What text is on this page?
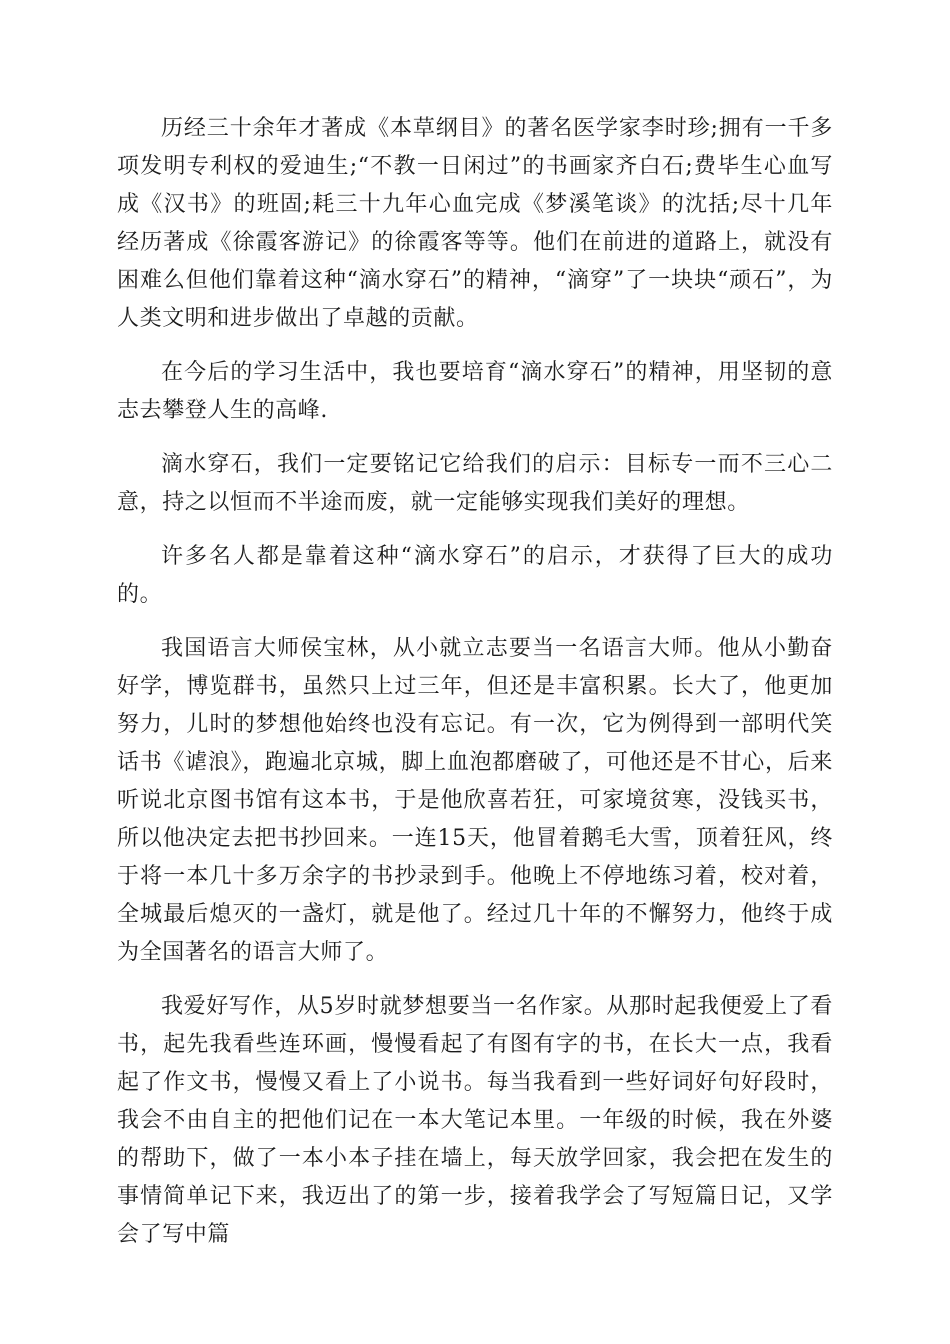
历经三十余年才著成《本草纲目》的著名医学家李时珍;拥有一千多项发明专利权的爱迪生;“不教一日闲过”的书画家齐白石;费毕生心血写成《汉书》的班固;耗三十九年心血完成《梦溪笔谈》的沈括;尽十几年经历著成《徐霞客游记》的徐霞客等等。他们在前进的道路上，就没有困难么但他们靠着这种“滴水穿石”的精神，“滴穿”了一块块“顽石”，为人类文明和进步做出了卓越的贡献。

在今后的学习生活中，我也要培育“滴水穿石”的精神，用坚韧的意志去攀登人生的高峰.

滴水穿石，我们一定要铭记它给我们的启示：目标专一而不三心二意，持之以恒而不半途而废，就一定能够实现我们美好的理想。

许多名人都是靠着这种“滴水穿石”的启示，才获得了巨大的成功的。

我国语言大师侯宝林，从小就立志要当一名语言大师。他从小勤奋好学，博览群书，虽然只上过三年，但还是丰富积累。长大了，他更加努力，儿时的梦想他始终也没有忘记。有一次，它为例得到一部明代笑话书《谑浪》，跑遍北京城，脚上血泡都磨破了，可他还是不甘心，后来听说北京图书馆有这本书，于是他欣喜若狂，可家境贫寒，没钱买书，所以他决定去把书抄回来。一连15天，他冒着鹅毛大雪，顶着狂风，终于将一本几十多万余字的书抄录到手。他晚上不停地练习着，校对着，全城最后熄灭的一盏灯，就是他了。经过几十年的不懈努力，他终于成为全国著名的语言大师了。

我爱好写作，从5岁时就梦想要当一名作家。从那时起我便爱上了看书，起先我看些连环画，慢慢看起了有图有字的书，在长大一点，我看起了作文书，慢慢又看上了小说书。每当我看到一些好词好句好段时，我会不由自主的把他们记在一本大笔记本里。一年级的时候，我在外婆的帮助下，做了一本小本子挂在墙上，每天放学回家，我会把在发生的事情简单记下来，我迈出了的第一步，接着我学会了写短篇日记，又学会了写中篇
